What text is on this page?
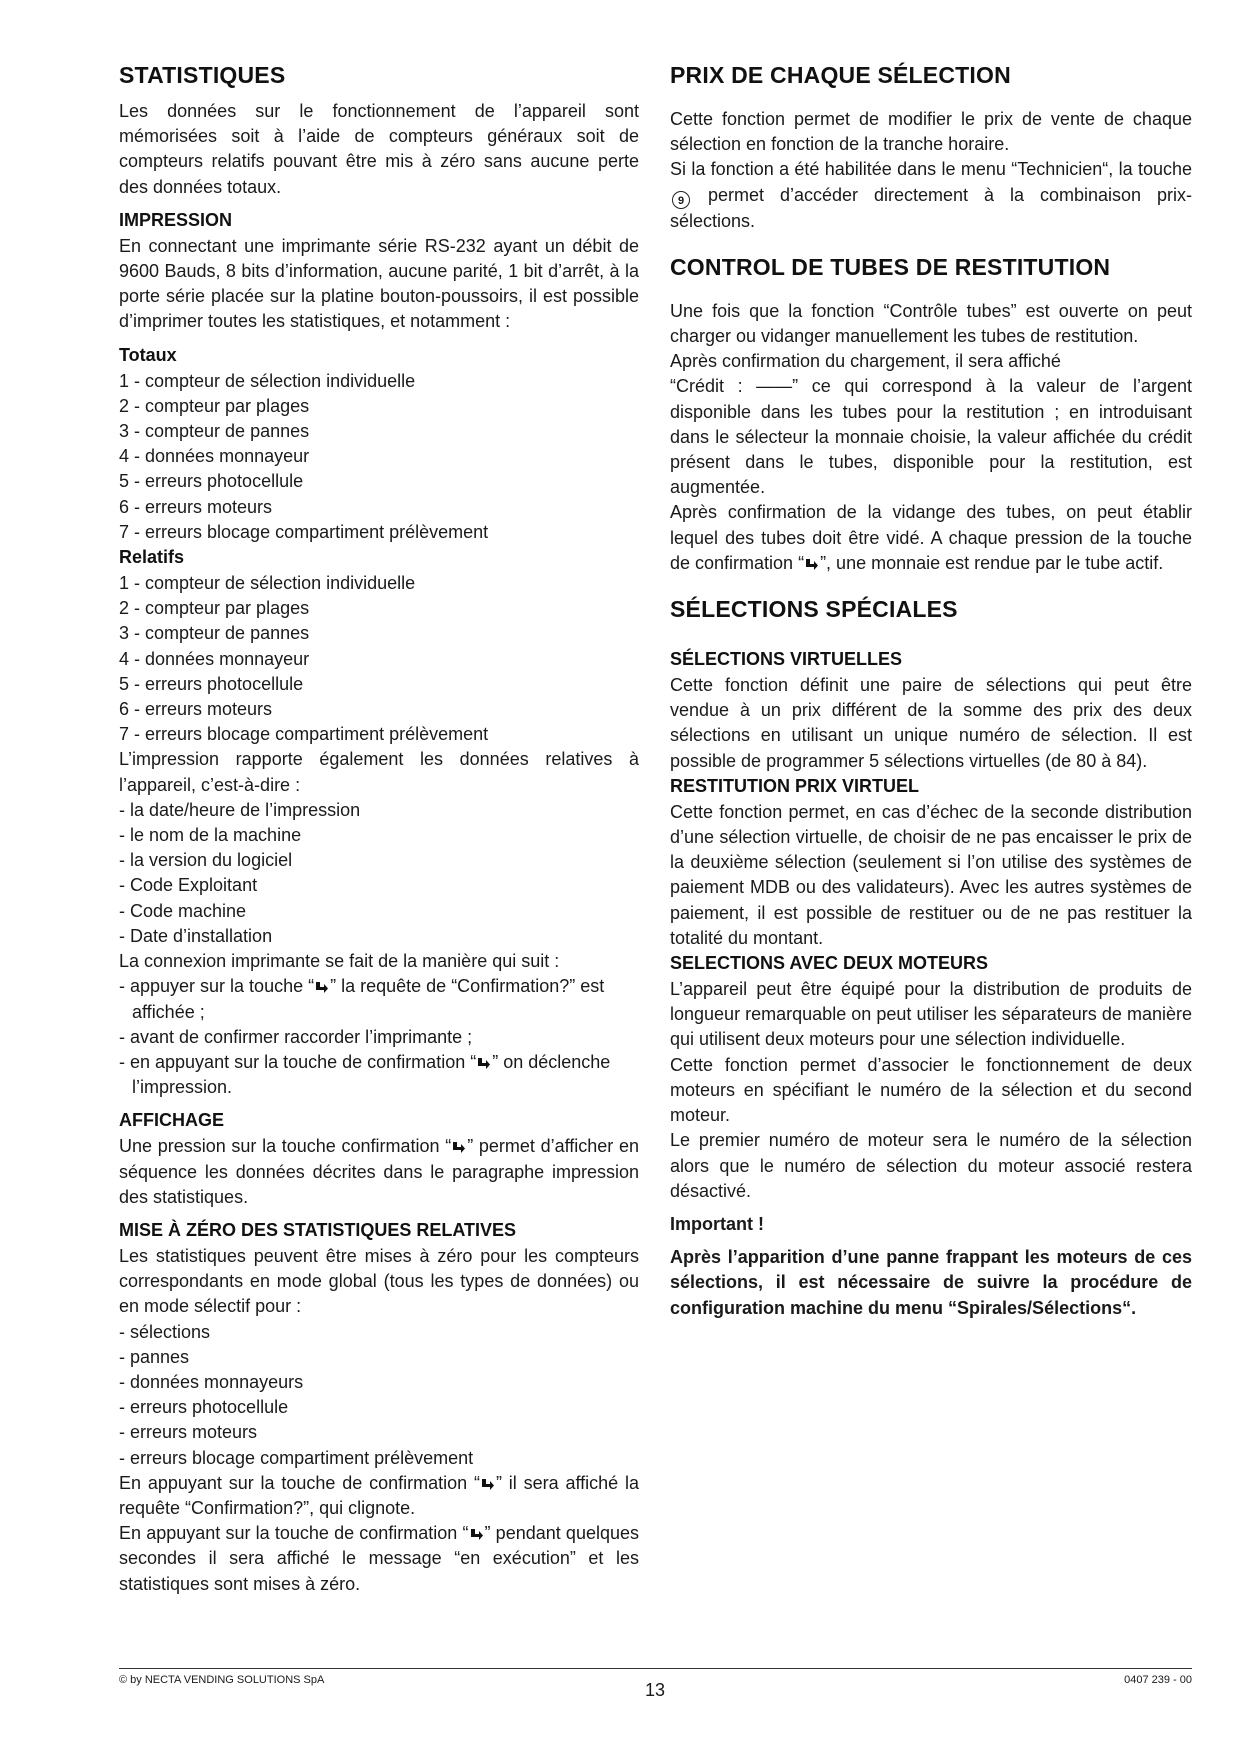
STATISTIQUES

Les données sur le fonctionnement de l’appareil sont mémorisées soit à l’aide de compteurs généraux soit de compteurs relatifs pouvant être mis à zéro sans aucune perte des données totaux.

IMPRESSION

En connectant une imprimante série RS-232 ayant un débit de 9600 Bauds, 8 bits d’information, aucune parité, 1 bit d’arrêt, à la porte série placée sur la platine bouton-poussoirs, il est possible d’imprimer toutes les statistiques, et notamment :

Totaux

1 - compteur de sélection individuelle

2 - compteur par plages

3 - compteur de pannes

4 - données monnayeur

5 - erreurs photocellule

6 - erreurs moteurs

7 - erreurs blocage compartiment prélèvement

Relatifs

1 - compteur de sélection individuelle

2 - compteur par plages

3 - compteur de pannes

4 - données monnayeur

5 - erreurs photocellule

6 - erreurs moteurs

7 - erreurs blocage compartiment prélèvement

L’impression rapporte également les données relatives à l’appareil, c’est-à-dire :

- la date/heure de l’impression

- le nom de la machine

- la version du logiciel

- Code Exploitant

- Code machine

- Date d’installation

La connexion imprimante se fait de la manière qui suit :

- appuyer sur la touche “ ” la requête de “Confirmation?” est affichée ;

- avant de confirmer raccorder l’imprimante ;

- en appuyant sur la touche de confirmation “ ” on déclenche l’impression.

AFFICHAGE

Une pression sur la touche confirmation “ ” permet d’afficher en séquence les données décrites dans le paragraphe impression des statistiques.

MISE À ZÉRO DES STATISTIQUES RELATIVES

Les statistiques peuvent être mises à zéro pour les compteurs correspondants en mode global (tous les types de données) ou en mode sélectif pour :

- sélections

- pannes

- données monnayeurs

- erreurs photocellule

- erreurs moteurs

- erreurs blocage compartiment prélèvement

En appuyant sur la touche de confirmation “ ” il sera affiché la requête “Confirmation?”, qui clignote.

En appuyant sur la touche de confirmation “ ” pendant quelques secondes il sera affiché le message “en exécution” et les statistiques sont mises à zéro.

PRIX DE CHAQUE SÉLECTION

Cette fonction permet de modifier le prix de vente de chaque sélection en fonction de la tranche horaire.

Si la fonction a été habilitée dans le menu “Technicien“, la touche 9 permet d’accéder directement à la combinaison prix-sélections.

CONTROL DE TUBES DE RESTITUTION

Une fois que la fonction “Contrôle tubes” est ouverte on peut charger ou vidanger manuellement les tubes de restitution.

Après confirmation du chargement, il sera affiché

“Crédit : ——” ce qui correspond à la valeur de l’argent disponible dans les tubes pour la restitution ; en introduisant dans le sélecteur la monnaie choisie, la valeur affichée du crédit présent dans le tubes, disponible pour la restitution, est augmentée.

Après confirmation de la vidange des tubes, on peut établir lequel des tubes doit être vidé. A chaque pression de la touche de confirmation “ ”, une monnaie est rendue par le tube actif.

SÉLECTIONS SPÉCIALES
SÉLECTIONS VIRTUELLES

Cette fonction définit une paire de sélections qui peut être vendue à un prix différent de la somme des prix des deux sélections en utilisant un unique numéro de sélection. Il est possible de programmer 5 sélections virtuelles (de 80 à 84).

RESTITUTION PRIX VIRTUEL

Cette fonction permet, en cas d’échec de la seconde distribution d’une sélection virtuelle, de choisir de ne pas encaisser le prix de la deuxième sélection (seulement si l’on utilise des systèmes de paiement MDB ou des validateurs). Avec les autres systèmes de paiement, il est possible de restituer ou de ne pas restituer la totalité du montant.

SELECTIONS AVEC DEUX MOTEURS

L’appareil peut être équipé pour la distribution de produits de longueur remarquable on peut utiliser les séparateurs de manière qui utilisent deux moteurs pour une sélection individuelle.

Cette fonction permet d’associer le fonctionnement de deux moteurs en spécifiant le numéro de la sélection et du second moteur.

Le premier numéro de moteur sera le numéro de la sélection alors que le numéro de sélection du moteur associé restera désactivé.

Important !

Après l’apparition d’une panne frappant les moteurs de ces sélections, il est nécessaire de suivre la procédure de configuration machine du menu “Spirales/Sélections“.

© by NECTA VENDING SOLUTIONS SpA	13	0407 239 - 00
